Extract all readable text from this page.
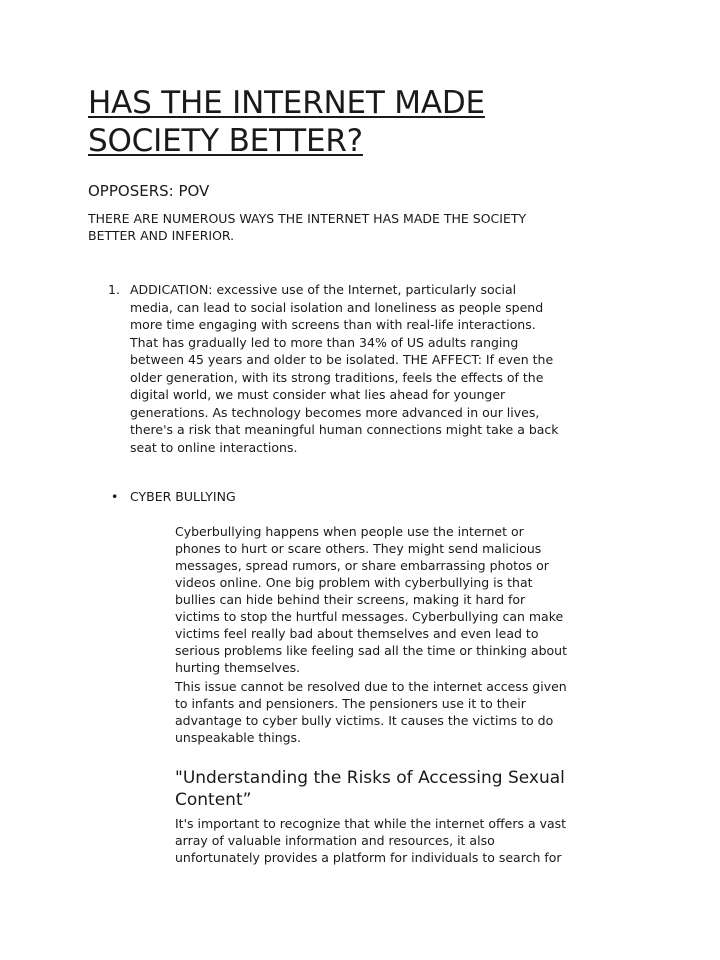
HAS THE INTERNET MADE
SOCIETY BETTER?
OPPOSERS: POV

THERE ARE NUMEROUS WAYS THE INTERNET HAS MADE THE SOCIETY
BETTER AND INFERIOR.

1. ADDICATION: excessive use of the Internet, particularly social
media, can lead to social isolation and loneliness as people spend
more time engaging with screens than with real-life interactions.
That has gradually led to more than 34% of US adults ranging
between 45 years and older to be isolated. THE AFFECT: If even the
older generation, with its strong traditions, feels the effects of the
digital world, we must consider what lies ahead for younger
generations. As technology becomes more advanced in our lives,
there's a risk that meaningful human connections might take a back
seat to online interactions.

• CYBER BULLYING

Cyberbullying happens when people use the internet or
phones to hurt or scare others. They might send malicious
messages, spread rumors, or share embarrassing photos or
videos online. One big problem with cyberbullying is that
bullies can hide behind their screens, making it hard for
victims to stop the hurtful messages. Cyberbullying can make
victims feel really bad about themselves and even lead to
serious problems like feeling sad all the time or thinking about
hurting themselves.

This issue cannot be resolved due to the internet access given
to infants and pensioners. The pensioners use it to their
advantage to cyber bully victims. It causes the victims to do
unspeakable things.

"Understanding the Risks of Accessing Sexual
Content”

It's important to recognize that while the internet offers a vast
array of valuable information and resources, it also
unfortunately provides a platform for individuals to search for
